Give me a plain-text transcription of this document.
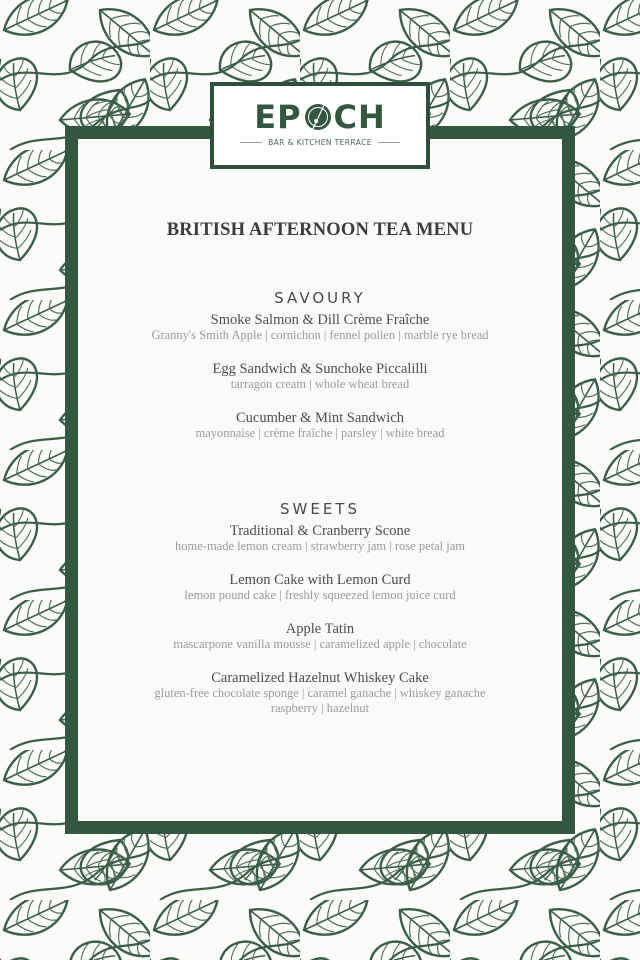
EP CH
BAR & KITCHEN TERRACE
BRITISH AFTERNOON TEA MENU
SAVOURY
Smoke Salmon & Dill Crème Fraîche
Granny's Smith Apple | cornichon | fennel pollen | marble rye bread
Egg Sandwich & Sunchoke Piccalilli
tarragon cream | whole wheat bread
Cucumber & Mint Sandwich
mayonnaise | crème fraîche | parsley | white bread
SWEETS
Traditional & Cranberry Scone
home-made lemon cream | strawberry jam | rose petal jam
Lemon Cake with Lemon Curd
lemon pound cake | freshly squeezed lemon juice curd
Apple Tatin
mascarpone vanilla mousse | caramelized apple | chocolate
Caramelized Hazelnut Whiskey Cake
gluten-free chocolate sponge | caramel ganache | whiskey ganache
raspberry | hazelnut
